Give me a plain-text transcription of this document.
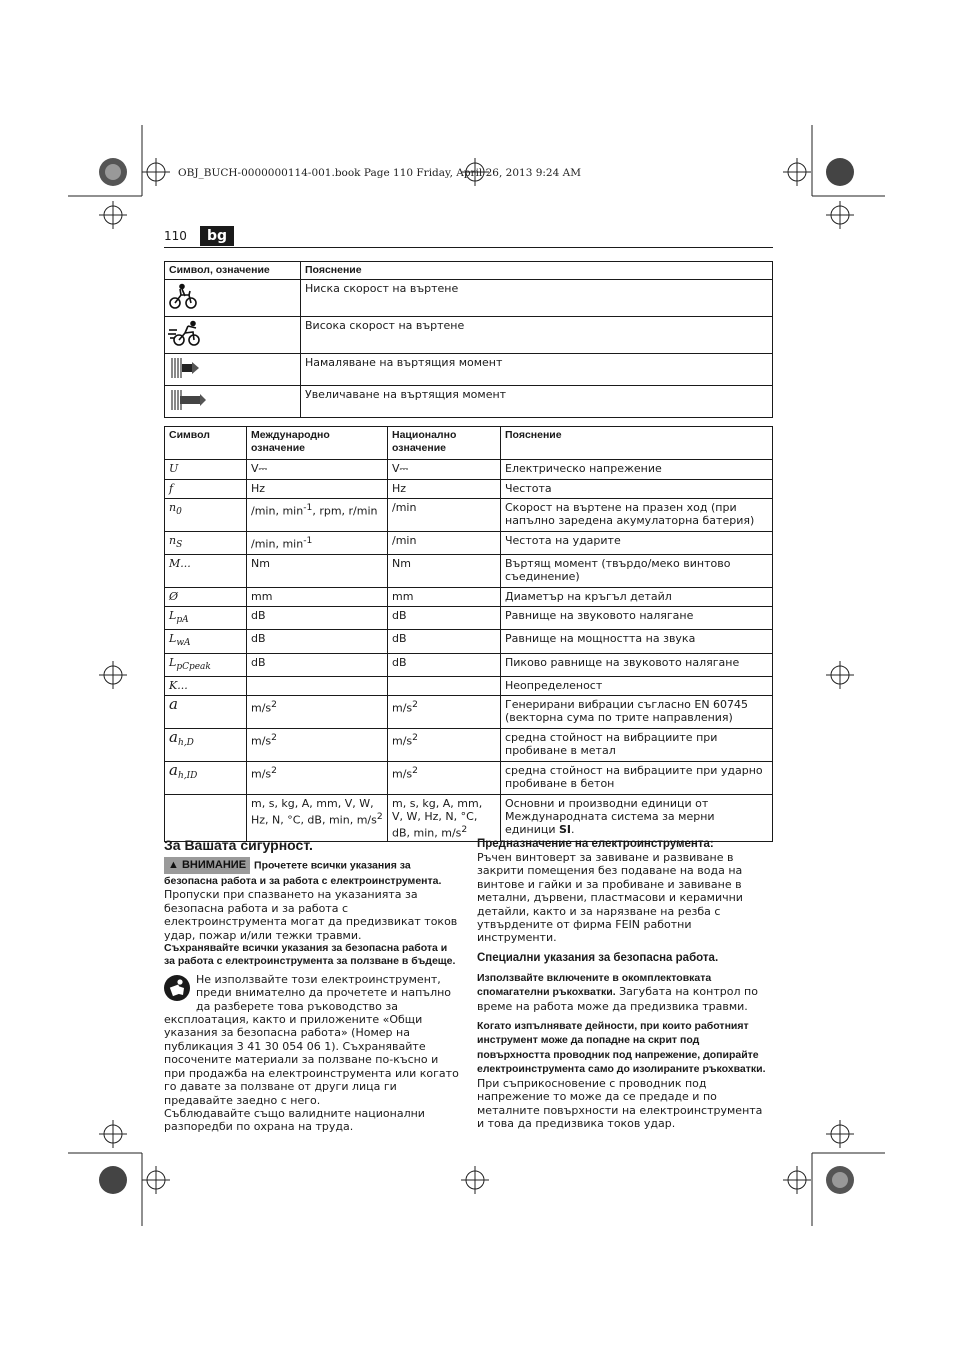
OBJ_BUCH-0000000114-001.book Page 110 Friday, April 26, 2013 9:24 AM
110	bg
Символ, означение	Пояснение
	Ниска скорост на въртене
	Висока скорост на въртене
	Намаляване на въртящия момент
	Увеличаване на въртящия момент
Символ	Международно означение	Национално означение	Пояснение
U	V⎓	V⎓	Електрическо напрежение
f	Hz	Hz	Честота
$n_0$	/min, $\min^{-1}$, rpm, r/min	/min	Скорост на въртене на празен ход (при напълно заредена акумулаторна батерия)
$n_S$	/min, $\min^{-1}$	/min	Честота на ударите
M...	Nm	Nm	Въртящ момент (твърдо/меко винтово съединение)
Ø	mm	mm	Диаметър на кръгъл детайл
$L_{pA}$	dB	dB	Равнище на звуковото налягане
$L_{wA}$	dB	dB	Равнище на мощността на звука
$L_{pCpeak}$	dB	dB	Пиково равнище на звуковото налягане
K...			Неопределеност
a	$m/s^2$	$m/s^2$	Генерирани вибрации съгласно EN 60745 (векторна сума по трите направления)
$a_{h,D}$	$m/s^2$	$m/s^2$	средна стойност на вибрациите при пробиване в метал
$a_{h,ID}$	$m/s^2$	$m/s^2$	средна стойност на вибрациите при ударно пробиване в бетон
	m, s, kg, A, mm, V, W, Hz, N, °C, dB, min, $m/s^2$	m, s, kg, A, mm, V, W, Hz, N, °C, dB, min, $m/s^2$	Основни и производни единици от Международната система за мерни единици SI.
За Вашата сигурност.
▲ ВНИМАНИЕ Прочетете всички указания за безопасна работа и за работа с електроинструмента. Пропуски при спазването на указанията за безопасна работа и за работа с електроинструмента могат да предизвикат токов удар, пожар и/или тежки травми.
Съхранявайте всички указания за безопасна работа и за работа с електроинструмента за ползване в бъдеще.
Не използвайте този електроинструмент, преди внимателно да прочетете и напълно да разберете това ръководство за експлоатация, както и приложените «Общи указания за безопасна работа» (Номер на публикация 3 41 30 054 06 1). Съхранявайте посочените материали за ползване по-късно и при продажба на електроинструмента или когато го давате за ползване от други лица ги предавайте заедно с него.
Съблюдавайте също валидните национални разпоредби по охрана на труда.
Предназначение на електроинструмента:
Ръчен винтоверт за завиване и развиване в закрити помещения без подаване на вода на винтове и гайки и за пробиване и завиване в метални, дървени, пластмасови и керамични детайли, както и за нарязване на резба с утвърдените от фирма FEIN работни инструменти.
Специални указания за безопасна работа.
Използвайте включените в окомплектовката спомагателни ръкохватки. Загубата на контрол по време на работа може да предизвика травми.
Когато изпълнявате дейности, при които работният инструмент може да попадне на скрит под повърхността проводник под напрежение, допирайте електроинструмента само до изолираните ръкохватки. При съприкосновение с проводник под напрежение то може да се предаде и по металните повърхности на електроинструмента и това да предизвика токов удар.
